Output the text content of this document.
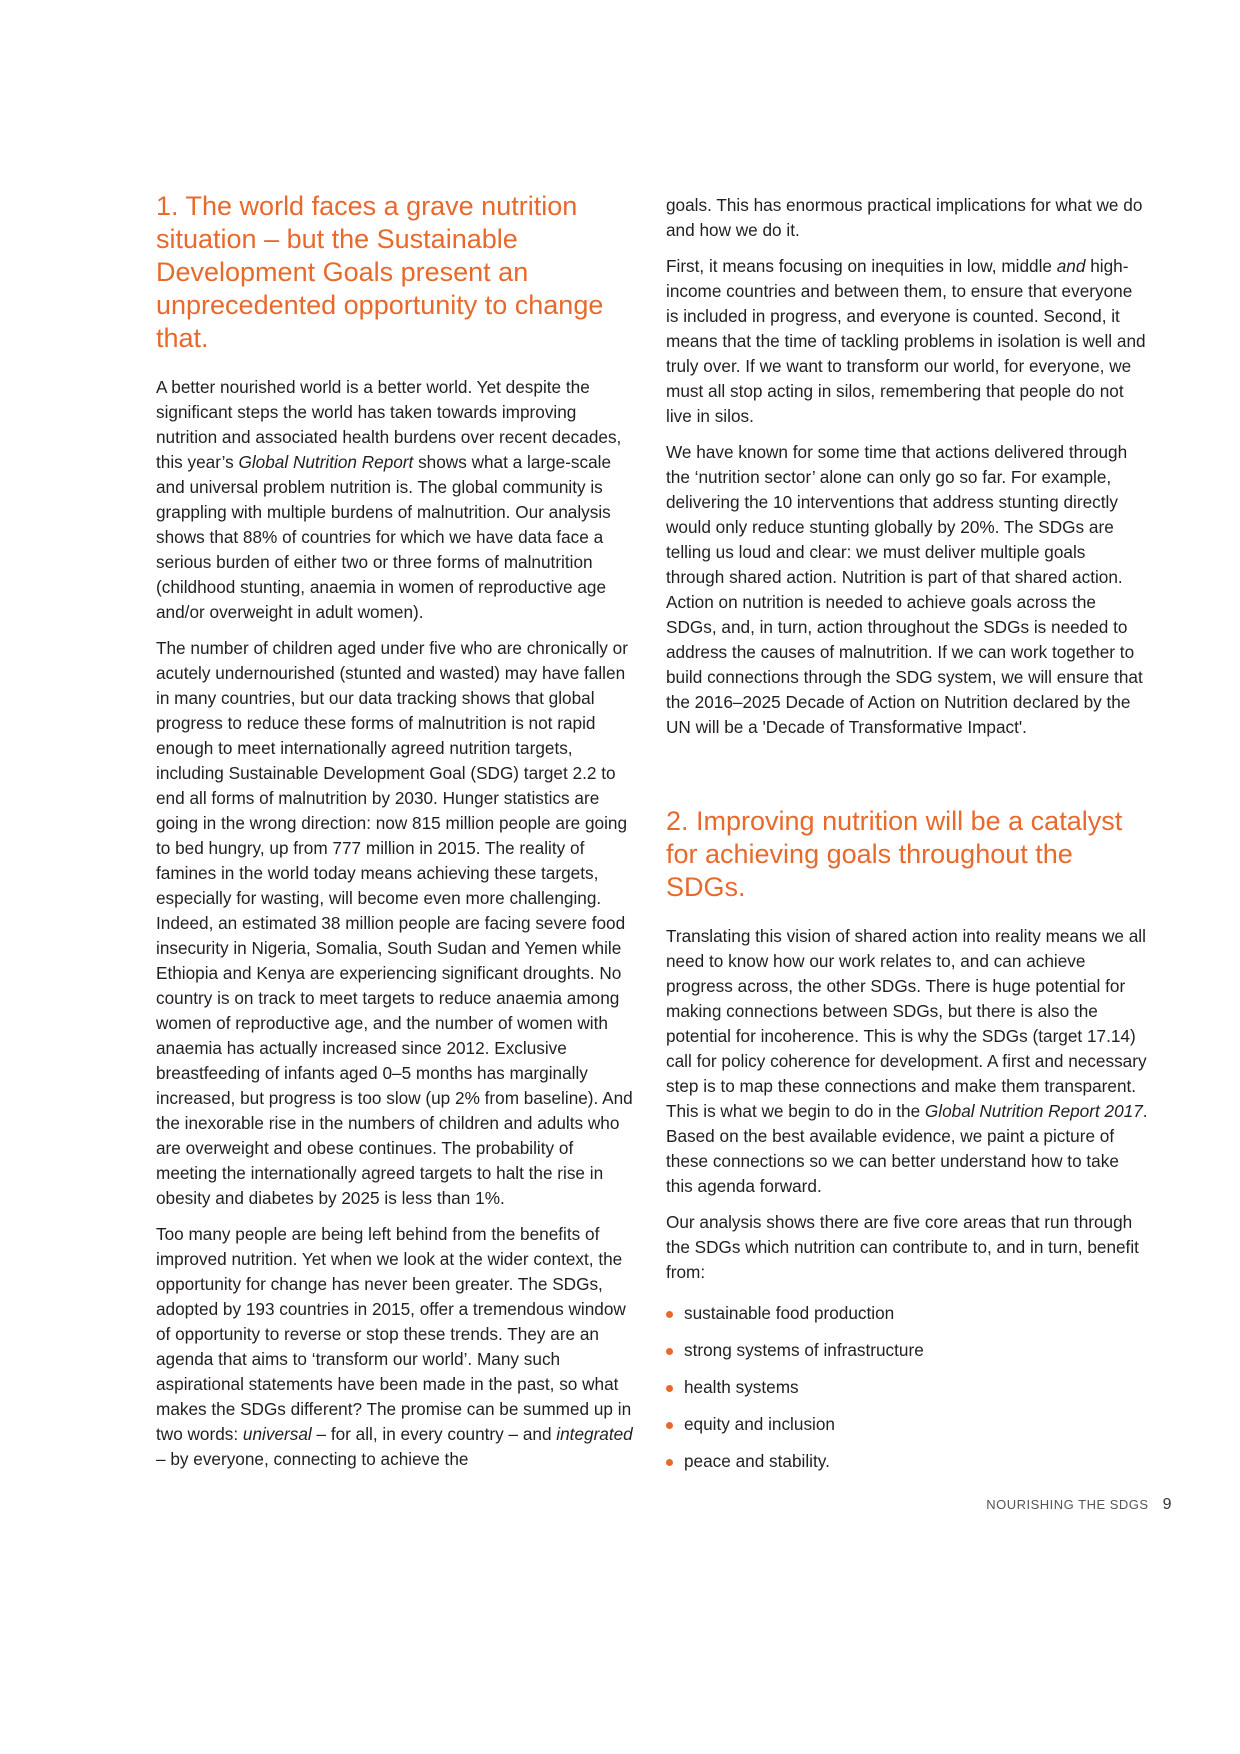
1. The world faces a grave nutrition situation – but the Sustainable Development Goals present an unprecedented opportunity to change that.

A better nourished world is a better world. Yet despite the significant steps the world has taken towards improving nutrition and associated health burdens over recent decades, this year’s Global Nutrition Report shows what a large-scale and universal problem nutrition is. The global community is grappling with multiple burdens of malnutrition. Our analysis shows that 88% of countries for which we have data face a serious burden of either two or three forms of malnutrition (childhood stunting, anaemia in women of reproductive age and/or overweight in adult women).

The number of children aged under five who are chronically or acutely undernourished (stunted and wasted) may have fallen in many countries, but our data tracking shows that global progress to reduce these forms of malnutrition is not rapid enough to meet internationally agreed nutrition targets, including Sustainable Development Goal (SDG) target 2.2 to end all forms of malnutrition by 2030. Hunger statistics are going in the wrong direction: now 815 million people are going to bed hungry, up from 777 million in 2015. The reality of famines in the world today means achieving these targets, especially for wasting, will become even more challenging. Indeed, an estimated 38 million people are facing severe food insecurity in Nigeria, Somalia, South Sudan and Yemen while Ethiopia and Kenya are experiencing significant droughts. No country is on track to meet targets to reduce anaemia among women of reproductive age, and the number of women with anaemia has actually increased since 2012. Exclusive breastfeeding of infants aged 0–5 months has marginally increased, but progress is too slow (up 2% from baseline). And the inexorable rise in the numbers of children and adults who are overweight and obese continues. The probability of meeting the internationally agreed targets to halt the rise in obesity and diabetes by 2025 is less than 1%.

Too many people are being left behind from the benefits of improved nutrition. Yet when we look at the wider context, the opportunity for change has never been greater. The SDGs, adopted by 193 countries in 2015, offer a tremendous window of opportunity to reverse or stop these trends. They are an agenda that aims to ‘transform our world’. Many such aspirational statements have been made in the past, so what makes the SDGs different? The promise can be summed up in two words: universal – for all, in every country – and integrated – by everyone, connecting to achieve the

goals. This has enormous practical implications for what we do and how we do it.

First, it means focusing on inequities in low, middle and high-income countries and between them, to ensure that everyone is included in progress, and everyone is counted. Second, it means that the time of tackling problems in isolation is well and truly over. If we want to transform our world, for everyone, we must all stop acting in silos, remembering that people do not live in silos.

We have known for some time that actions delivered through the ‘nutrition sector’ alone can only go so far. For example, delivering the 10 interventions that address stunting directly would only reduce stunting globally by 20%. The SDGs are telling us loud and clear: we must deliver multiple goals through shared action. Nutrition is part of that shared action. Action on nutrition is needed to achieve goals across the SDGs, and, in turn, action throughout the SDGs is needed to address the causes of malnutrition. If we can work together to build connections through the SDG system, we will ensure that the 2016–2025 Decade of Action on Nutrition declared by the UN will be a 'Decade of Transformative Impact'.

2. Improving nutrition will be a catalyst for achieving goals throughout the SDGs.

Translating this vision of shared action into reality means we all need to know how our work relates to, and can achieve progress across, the other SDGs. There is huge potential for making connections between SDGs, but there is also the potential for incoherence. This is why the SDGs (target 17.14) call for policy coherence for development. A first and necessary step is to map these connections and make them transparent. This is what we begin to do in the Global Nutrition Report 2017. Based on the best available evidence, we paint a picture of these connections so we can better understand how to take this agenda forward.

Our analysis shows there are five core areas that run through the SDGs which nutrition can contribute to, and in turn, benefit from:

sustainable food production
strong systems of infrastructure
health systems
equity and inclusion
peace and stability.
NOURISHING THE SDGS 9
